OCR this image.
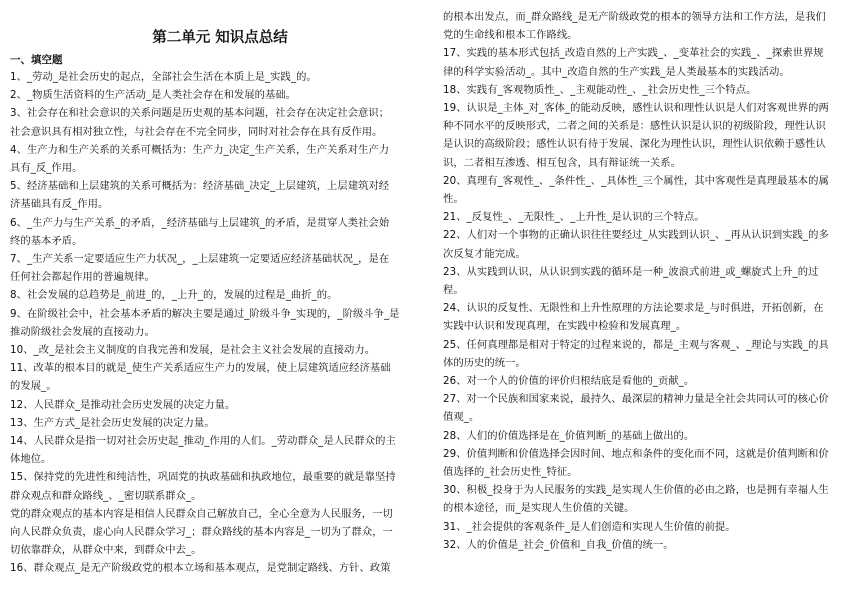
第二单元 知识点总结
一、填空题

1、_劳动_是社会历史的起点，全部社会生活在本质上是_实践_的。

2、_物质生活资料的生产活动_是人类社会存在和发展的基础。

3、社会存在和社会意识的关系问题是历史观的基本问题，社会存在决定社会意识；

社会意识具有相对独立性，与社会存在不完全同步，同时对社会存在具有反作用。

4、生产力和生产关系的关系可概括为：生产力_决定_生产关系，生产关系对生产力

具有_反_作用。

5、经济基础和上层建筑的关系可概括为：经济基础_决定_上层建筑，上层建筑对经

济基础具有反_作用。

6、_生产力与生产关系_的矛盾，_经济基础与上层建筑_的矛盾，是贯穿人类社会始

终的基本矛盾。

7、_生产关系一定要适应生产力状况_，_上层建筑一定要适应经济基础状况_，是在

任何社会都起作用的普遍规律。

8、社会发展的总趋势是_前进_的，_上升_的，发展的过程是_曲折_的。

9、在阶级社会中，社会基本矛盾的解决主要是通过_阶级斗争_实现的，_阶级斗争_是

推动阶级社会发展的直接动力。

10、_改_是社会主义制度的自我完善和发展，是社会主义社会发展的直接动力。

11、改革的根本目的就是_使生产关系适应生产力的发展，使上层建筑适应经济基础

的发展_。

12、人民群众_是推动社会历史发展的决定力量。

13、生产方式_是社会历史发展的决定力量。

14、人民群众是指一切对社会历史起_推动_作用的人们。_劳动群众_是人民群众的主

体地位。

15、保持党的先进性和纯洁性，巩固党的执政基础和执政地位，最重要的就是靠坚持

群众观点和群众路线_、_密切联系群众_。

党的群众观点的基本内容是相信人民群众自己解放自己，全心全意为人民服务，一切

向人民群众负责，虚心向人民群众学习_；群众路线的基本内容是_一切为了群众，一

切依靠群众，从群众中来，到群众中去_。

16、群众观点_是无产阶级政党的根本立场和基本观点，是党制定路线、方针、政策

的根本出发点，而_群众路线_是无产阶级政党的根本的领导方法和工作方法，是我们

党的生命线和根本工作路线。

17、实践的基本形式包括_改造自然的上产实践_、_变革社会的实践_、_探索世界规

律的科学实验活动_。其中_改造自然的生产实践_是人类最基本的实践活动。

18、实践有_客观物质性_、_主观能动性_、_社会历史性_三个特点。

19、认识是_主体_对_客体_的能动反映，感性认识和理性认识是人们对客观世界的两

种不同水平的反映形式，二者之间的关系是：感性认识是认识的初级阶段，理性认识

是认识的高级阶段；感性认识有待于发展、深化为理性认识，理性认识依赖于感性认

识，二者相互渗透、相互包含，具有辩证统一关系。

20、真理有_客观性_、_条件性_、_具体性_三个属性，其中客观性是真理最基本的属

性。

21、_反复性_、_无限性_、_上升性_是认识的三个特点。

22、人们对一个事物的正确认识往往要经过_从实践到认识_、_再从认识到实践_的多

次反复才能完成。

23、从实践到认识，从认识到实践的循环是一种_波浪式前进_或_螺旋式上升_的过

程。

24、认识的反复性、无限性和上升性原理的方法论要求是_与时俱进，开拓创新，在

实践中认识和发现真理，在实践中检验和发展真理_。

25、任何真理都是相对于特定的过程来说的，都是_主观与客观_、_理论与实践_的具

体的历史的统一。

26、对一个人的价值的评价归根结底是看他的_贡献_。

27、对一个民族和国家来说，最持久、最深层的精神力量是全社会共同认可的核心价

值观_。

28、人们的价值选择是在_价值判断_的基础上做出的。

29、价值判断和价值选择会因时间、地点和条件的变化而不同，这就是价值判断和价

值选择的_社会历史性_特征。

30、积极_投身于为人民服务的实践_是实现人生价值的必由之路，也是拥有幸福人生

的根本途径，而_是实现人生价值的关键。

31、_社会提供的客观条件_是人们创造和实现人生价值的前提。

32、人的价值是_社会_价值和_自我_价值的统一。
